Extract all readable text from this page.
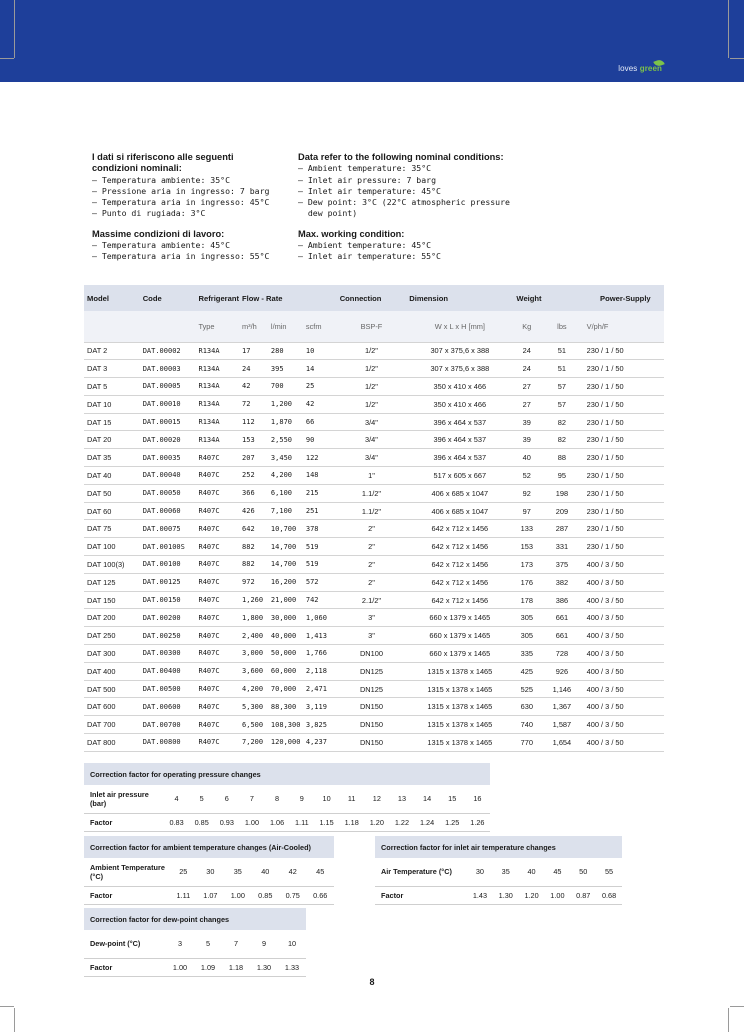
loves green
I dati si riferiscono alle seguenti
condizioni nominali:
– Temperatura ambiente: 35°C
– Pressione aria in ingresso: 7 barg
– Temperatura aria in ingresso: 45°C
– Punto di rugiada: 3°C
Massime condizioni di lavoro:
– Temperatura ambiente: 45°C
– Temperatura aria in ingresso: 55°C
Data refer to the following nominal conditions:
– Ambient temperature: 35°C
– Inlet air pressure: 7 barg
– Inlet air temperature: 45°C
– Dew point: 3°C (22°C atmospheric pressure
dew point)
Max. working condition:
– Ambient temperature: 45°C
– Inlet air temperature: 55°C
Model	Code	Refrigerant	Flow - Rate			Connection	Dimension	Weight		Power-Supply
		Type	m³/h	l/min	scfm	BSP-F	W x L x H [mm]	Kg	lbs	V/ph/F
DAT 2	DAT.00002	R134A	17	280	10	1/2"	307 x 375,6 x 388	24	51	230 / 1 / 50
DAT 3	DAT.00003	R134A	24	395	14	1/2"	307 x 375,6 x 388	24	51	230 / 1 / 50
DAT 5	DAT.00005	R134A	42	700	25	1/2"	350 x 410 x 466	27	57	230 / 1 / 50
DAT 10	DAT.00010	R134A	72	1,200	42	1/2"	350 x 410 x 466	27	57	230 / 1 / 50
DAT 15	DAT.00015	R134A	112	1,870	66	3/4"	396 x 464 x 537	39	82	230 / 1 / 50
DAT 20	DAT.00020	R134A	153	2,550	90	3/4"	396 x 464 x 537	39	82	230 / 1 / 50
DAT 35	DAT.00035	R407C	207	3,450	122	3/4"	396 x 464 x 537	40	88	230 / 1 / 50
DAT 40	DAT.00040	R407C	252	4,200	148	1"	517 x 605 x 667	52	95	230 / 1 / 50
DAT 50	DAT.00050	R407C	366	6,100	215	1.1/2"	406 x 685 x 1047	92	198	230 / 1 / 50
DAT 60	DAT.00060	R407C	426	7,100	251	1.1/2"	406 x 685 x 1047	97	209	230 / 1 / 50
DAT 75	DAT.00075	R407C	642	10,700	378	2"	642 x 712 x 1456	133	287	230 / 1 / 50
DAT 100	DAT.00100S	R407C	882	14,700	519	2"	642 x 712 x 1456	153	331	230 / 1 / 50
DAT 100(3)	DAT.00100	R407C	882	14,700	519	2"	642 x 712 x 1456	173	375	400 / 3 / 50
DAT 125	DAT.00125	R407C	972	16,200	572	2"	642 x 712 x 1456	176	382	400 / 3 / 50
DAT 150	DAT.00150	R407C	1,260	21,000	742	2.1/2"	642 x 712 x 1456	178	386	400 / 3 / 50
DAT 200	DAT.00200	R407C	1,800	30,000	1,060	3"	660 x 1379 x 1465	305	661	400 / 3 / 50
DAT 250	DAT.00250	R407C	2,400	40,000	1,413	3"	660 x 1379 x 1465	305	661	400 / 3 / 50
DAT 300	DAT.00300	R407C	3,000	50,000	1,766	DN100	660 x 1379 x 1465	335	728	400 / 3 / 50
DAT 400	DAT.00400	R407C	3,600	60,000	2,118	DN125	1315 x 1378 x 1465	425	926	400 / 3 / 50
DAT 500	DAT.00500	R407C	4,200	70,000	2,471	DN125	1315 x 1378 x 1465	525	1,146	400 / 3 / 50
DAT 600	DAT.00600	R407C	5,300	88,300	3,119	DN150	1315 x 1378 x 1465	630	1,367	400 / 3 / 50
DAT 700	DAT.00700	R407C	6,500	108,300	3,825	DN150	1315 x 1378 x 1465	740	1,587	400 / 3 / 50
DAT 800	DAT.00800	R407C	7,200	120,000	4,237	DN150	1315 x 1378 x 1465	770	1,654	400 / 3 / 50
Correction factor for operating pressure changes													
Inlet air pressure (bar)	4	5	6	7	8	9	10	11	12	13	14	15	16
Factor	0.83	0.85	0.93	1.00	1.06	1.11	1.15	1.18	1.20	1.22	1.24	1.25	1.26
Correction factor for ambient temperature changes (Air-Cooled)						
Ambient Temperature (°C)	25	30	35	40	42	45
Factor	1.11	1.07	1.00	0.85	0.75	0.66
Correction factor for inlet air temperature changes						
Air Temperature (°C)	30	35	40	45	50	55
Factor	1.43	1.30	1.20	1.00	0.87	0.68
Correction factor for dew-point changes					
Dew-point (°C)	3	5	7	9	10
Factor	1.00	1.09	1.18	1.30	1.33
8
